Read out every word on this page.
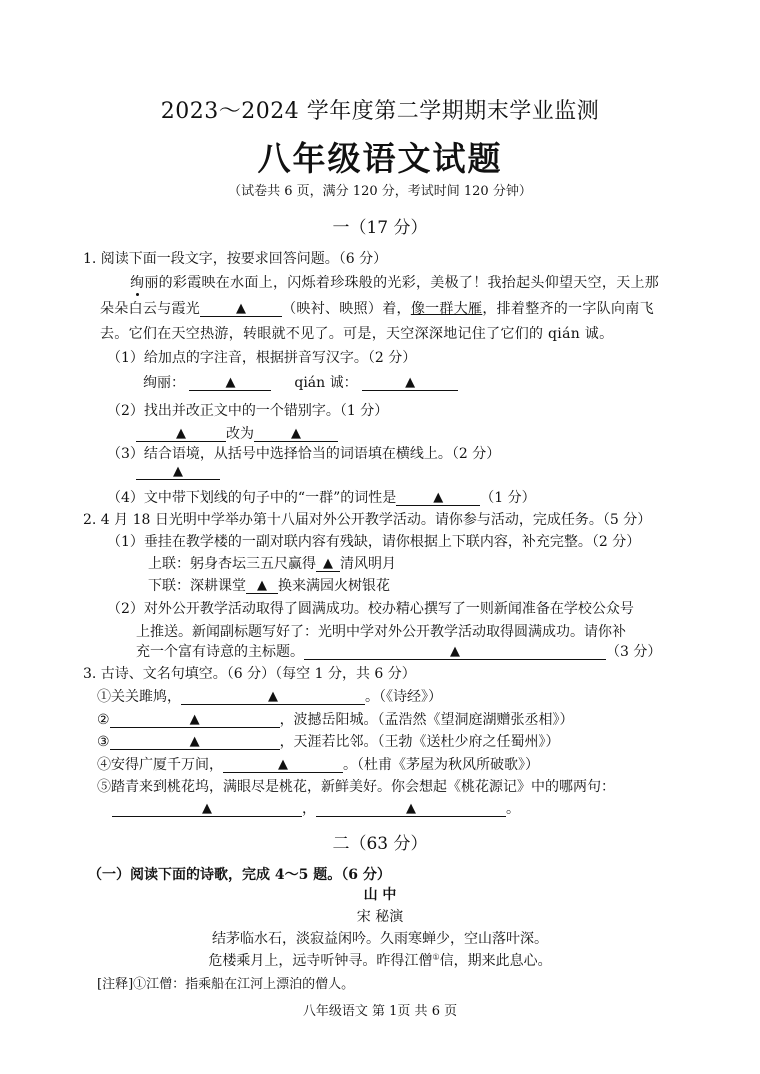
2023～2024 学年度第二学期期末学业监测
八年级语文试题
（试卷共 6 页，满分 120 分，考试时间 120 分钟）
一（17 分）
1. 阅读下面一段文字，按要求回答问题。（6 分）
绚丽的彩霞映在水面上，闪烁着珍珠般的光彩，美极了！我抬起头仰望天空，天上那
朵朵白云与霞光	▲	（映衬、映照）着，像一群大雁，排着整齐的一字队向南飞
去。它们在天空热游，转眼就不见了。可是，天空深深地记住了它们的 qián 诚。
（1）给加点的字注音，根据拼音写汉字。（2 分）
绚丽：	▲	qián 诚：	▲
（2）找出并改正文中的一个错别字。（1 分）
▲	改为	▲
（3）结合语境，从括号中选择恰当的词语填在横线上。（2 分）
▲
（4）文中带下划线的句子中的“一群”的词性是	▲	（1 分）
2. 4 月 18 日光明中学举办第十八届对外公开教学活动。请你参与活动，完成任务。（5 分）
（1）垂挂在教学楼的一副对联内容有残缺，请你根据上下联内容，补充完整。（2 分）
上联：躬身杏坛三五尺赢得 ▲ 清风明月
下联：深耕课堂 ▲ 换来满园火树银花
（2）对外公开教学活动取得了圆满成功。校办精心撰写了一则新闻准备在学校公众号
上推送。新闻副标题写好了：光明中学对外公开教学活动取得圆满成功。请你补
充一个富有诗意的主标题。	▲	（3 分）
3. 古诗、文名句填空。（6 分）（每空 1 分，共 6 分）
①关关雎鸠，	▲	。（《诗经》）
②	▲	，波撼岳阳城。（孟浩然《望洞庭湖赠张丞相》）
③	▲	，天涯若比邻。（王勃《送杜少府之任蜀州》）
④安得广厦千万间，	▲	。（杜甫《茅屋为秋风所破歌》）
⑤踏青来到桃花坞，满眼尽是桃花，新鲜美好。你会想起《桃花源记》中的哪两句：
▲	，	▲	。
二（63 分）
（一）阅读下面的诗歌，完成 4～5 题。（6 分）
山 中
宋 秘演
结茅临水石，淡寂益闲吟。久雨寒蝉少，空山落叶深。
危楼乘月上，远寺听钟寻。昨得江僧①信，期来此息心。
[注释]①江僧：指乘船在江河上漂泊的僧人。
八年级语文 第 1页 共 6 页
